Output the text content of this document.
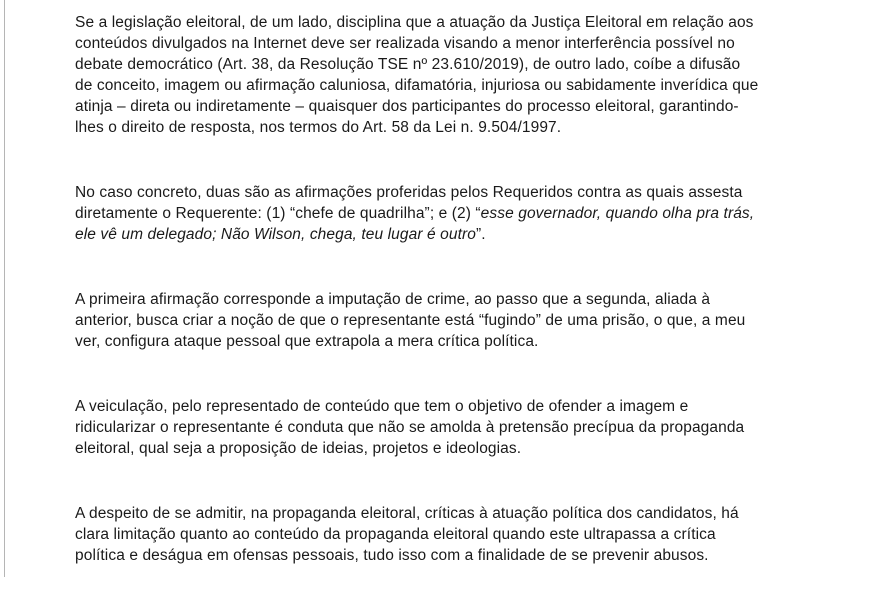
Se a legislação eleitoral, de um lado, disciplina que a atuação da Justiça Eleitoral em relação aos
conteúdos divulgados na Internet deve ser realizada visando a menor interferência possível no
debate democrático (Art. 38, da Resolução TSE nº 23.610/2019), de outro lado, coíbe a difusão
de conceito, imagem ou afirmação caluniosa, difamatória, injuriosa ou sabidamente inverídica que
atinja – direta ou indiretamente – quaisquer dos participantes do processo eleitoral, garantindo-
lhes o direito de resposta, nos termos do Art. 58 da Lei n. 9.504/1997.
No caso concreto, duas são as afirmações proferidas pelos Requeridos contra as quais assesta
diretamente o Requerente: (1) “chefe de quadrilha”; e (2) “esse governador, quando olha pra trás,
ele vê um delegado; Não Wilson, chega, teu lugar é outro”.
A primeira afirmação corresponde a imputação de crime, ao passo que a segunda, aliada à
anterior, busca criar a noção de que o representante está “fugindo” de uma prisão, o que, a meu
ver, configura ataque pessoal que extrapola a mera crítica política.
A veiculação, pelo representado de conteúdo que tem o objetivo de ofender a imagem e
ridicularizar o representante é conduta que não se amolda à pretensão precípua da propaganda
eleitoral, qual seja a proposição de ideias, projetos e ideologias.
A despeito de se admitir, na propaganda eleitoral, críticas à atuação política dos candidatos, há
clara limitação quanto ao conteúdo da propaganda eleitoral quando este ultrapassa a crítica
política e deságua em ofensas pessoais, tudo isso com a finalidade de se prevenir abusos.
